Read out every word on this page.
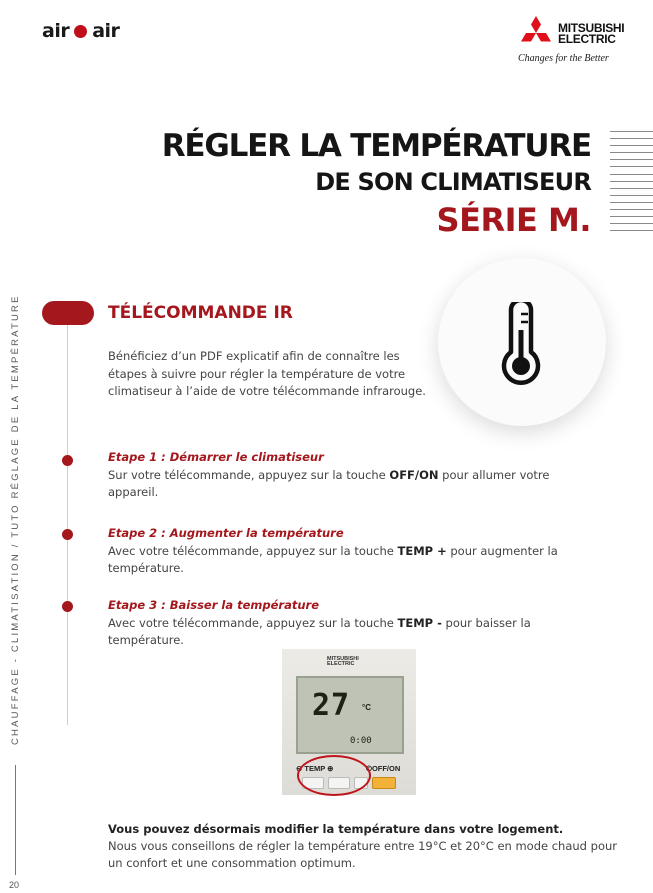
air air	MITSUBISHI
ELECTRIC
Changes for the Better
CHAUFFAGE - CLIMATISATION / TUTO RÉGLAGE DE LA TEMPÉRATURE
20
RÉGLER LA TEMPÉRATURE
DE SON CLIMATISEUR
SÉRIE M.
TÉLÉCOMMANDE IR
Bénéficiez d’un PDF explicatif afin de connaître les étapes à suivre pour régler la température de votre climatiseur à l’aide de votre télécommande infrarouge.
Etape 1 : Démarrer le climatiseur
Sur votre télécommande, appuyez sur la touche OFF/ON pour allumer votre appareil.
Etape 2 : Augmenter la température
Avec votre télécommande, appuyez sur la touche TEMP + pour augmenter la température.
Etape 3 : Baisser la température
Avec votre télécommande, appuyez sur la touche TEMP - pour baisser la température.
MITSUBISHI
ELECTRIC
27 °C
0:00
⊖ TEMP ⊕	⏻OFF/ON
Vous pouvez désormais modifier la température dans votre logement.
Nous vous conseillons de régler la température entre 19°C et 20°C en mode chaud pour un confort et une consommation optimum.
